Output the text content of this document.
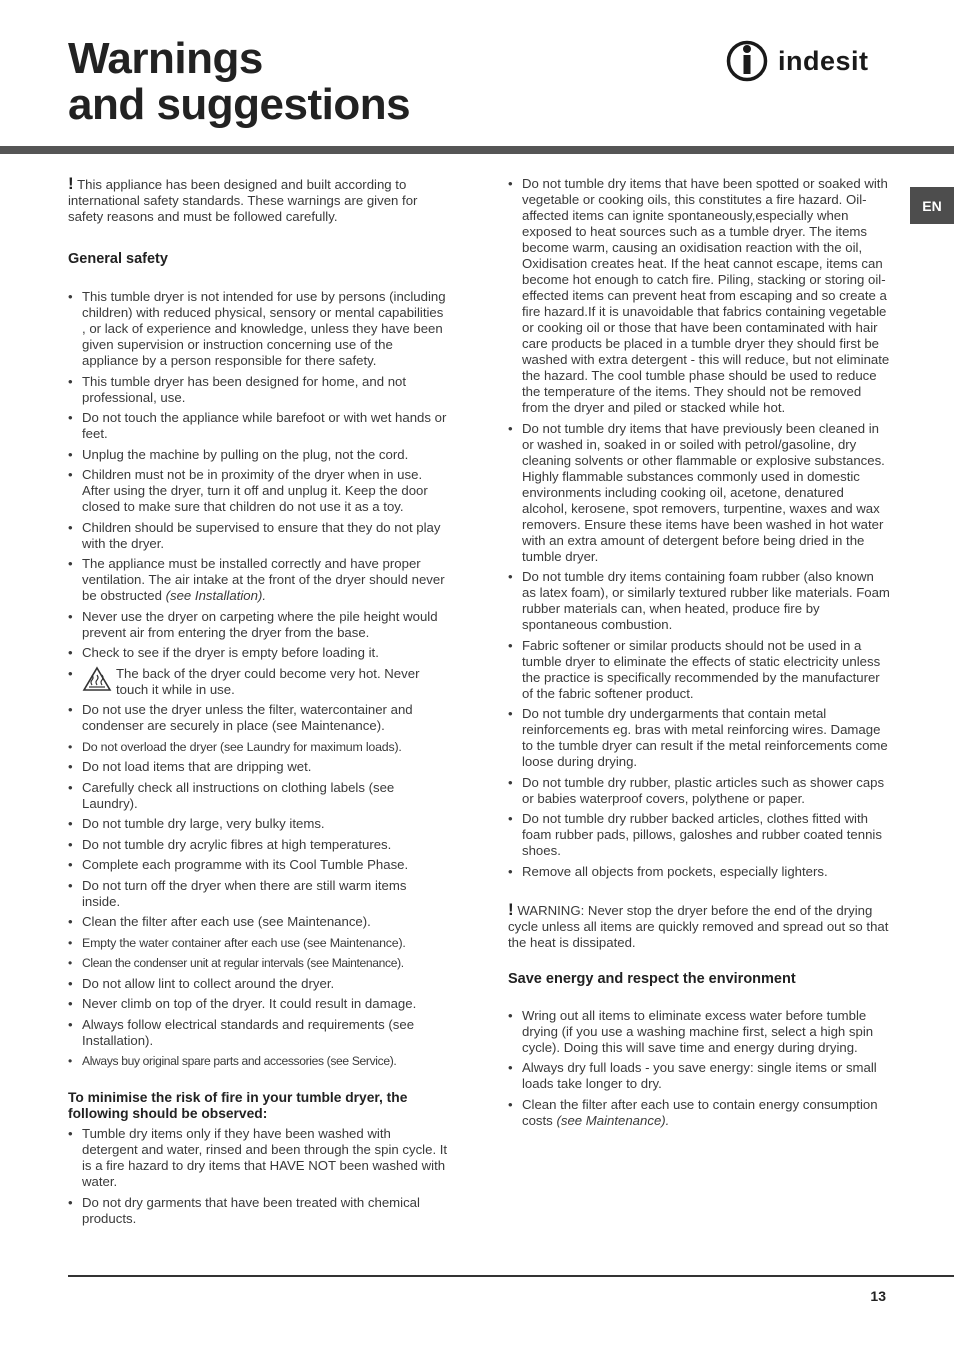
Warnings
and suggestions
indesit
EN

! This appliance has been designed and built according to international safety standards. These warnings are given for safety reasons and must be followed carefully.

General safety
• This tumble dryer is not intended for use by persons (including children) with reduced physical, sensory or mental capabilities , or lack of experience and knowledge, unless they have been given supervision or instruction concerning use of the appliance by a person responsible for there safety.
• This tumble dryer has been designed for home, and not professional, use.
• Do not touch the appliance while barefoot or with wet hands or feet.
• Unplug the machine by pulling on the plug, not the cord.
• Children must not be in proximity of the dryer when in use. After using the dryer, turn it off and unplug it. Keep the door closed to make sure that children do not use it as a toy.
• Children should be supervised to ensure that they do not play with the dryer.
• The appliance must be installed correctly and have proper ventilation. The air intake at the front of the dryer should never be obstructed (see Installation).
• Never use the dryer on carpeting where the pile height would prevent air from entering the dryer from the base.
• Check to see if the dryer is empty before loading it.
• The back of the dryer could become very hot. Never touch it while in use.
• Do not use the dryer unless the filter, watercontainer and condenser are securely in place (see Maintenance).
• Do not overload the dryer (see Laundry for maximum loads).
• Do not load items that are dripping wet.
• Carefully check all instructions on clothing labels (see Laundry).
• Do not tumble dry large, very bulky items.
• Do not tumble dry acrylic fibres at high temperatures.
• Complete each programme with its Cool Tumble Phase.
• Do not turn off the dryer when there are still warm items inside.
• Clean the filter after each use (see Maintenance).
• Empty the water container after each use (see Maintenance).
• Clean the condenser unit at regular intervals (see Maintenance).
• Do not allow lint to collect around the dryer.
• Never climb on top of the dryer. It could result in damage.
• Always follow electrical standards and requirements (see Installation).
• Always buy original spare parts and accessories (see Service).
To minimise the risk of fire in your tumble dryer, the following should be observed:
• Tumble dry items only if they have been washed with detergent and water, rinsed and been through the spin cycle. It is a fire hazard to dry items that HAVE NOT been washed with water.
• Do not dry garments that have been treated with chemical products.
• Do not tumble dry items that have been spotted or soaked with vegetable or cooking oils, this constitutes a fire hazard. Oil-affected items can ignite spontaneously,especially when exposed to heat sources such as a tumble dryer. The items become warm, causing an oxidisation reaction with the oil, Oxidisation creates heat. If the heat cannot escape, items can become hot enough to catch fire. Piling, stacking or storing oil-effected items can prevent heat from escaping and so create a fire hazard.If it is unavoidable that fabrics containing vegetable or cooking oil or those that have been contaminated with hair care products be placed in a tumble dryer they should first be washed with extra detergent - this will reduce, but not eliminate the hazard. The cool tumble phase should be used to reduce the temperature of the items. They should not be removed from the dryer and piled or stacked while hot.
• Do not tumble dry items that have previously been cleaned in or washed in, soaked in or soiled with petrol/gasoline, dry cleaning solvents or other flammable or explosive substances. Highly flammable substances commonly used in domestic environments including cooking oil, acetone, denatured alcohol, kerosene, spot removers, turpentine, waxes and wax removers. Ensure these items have been washed in hot water with an extra amount of detergent before being dried in the tumble dryer.
• Do not tumble dry items containing foam rubber (also known as latex foam), or similarly textured rubber like materials. Foam rubber materials can, when heated, produce fire by spontaneous combustion.
• Fabric softener or similar products should not be used in a tumble dryer to eliminate the effects of static electricity unless the practice is specifically recommended by the manufacturer of the fabric softener product.
• Do not tumble dry undergarments that contain metal reinforcements eg. bras with metal reinforcing wires. Damage to the tumble dryer can result if the metal reinforcements come loose during drying.
• Do not tumble dry rubber, plastic articles such as shower caps or babies waterproof covers, polythene or paper.
• Do not tumble dry rubber backed articles, clothes fitted with foam rubber pads, pillows, galoshes and rubber coated tennis shoes.
• Remove all objects from pockets, especially lighters.

! WARNING: Never stop the dryer before the end of the drying cycle unless all items are quickly removed and spread out so that the heat is dissipated.

Save energy and respect the environment
• Wring out all items to eliminate excess water before tumble drying (if you use a washing machine first, select a high spin cycle). Doing this will save time and energy during drying.
• Always dry full loads - you save energy: single items or small loads take longer to dry.
• Clean the filter after each use to contain energy consumption costs (see Maintenance).
13
